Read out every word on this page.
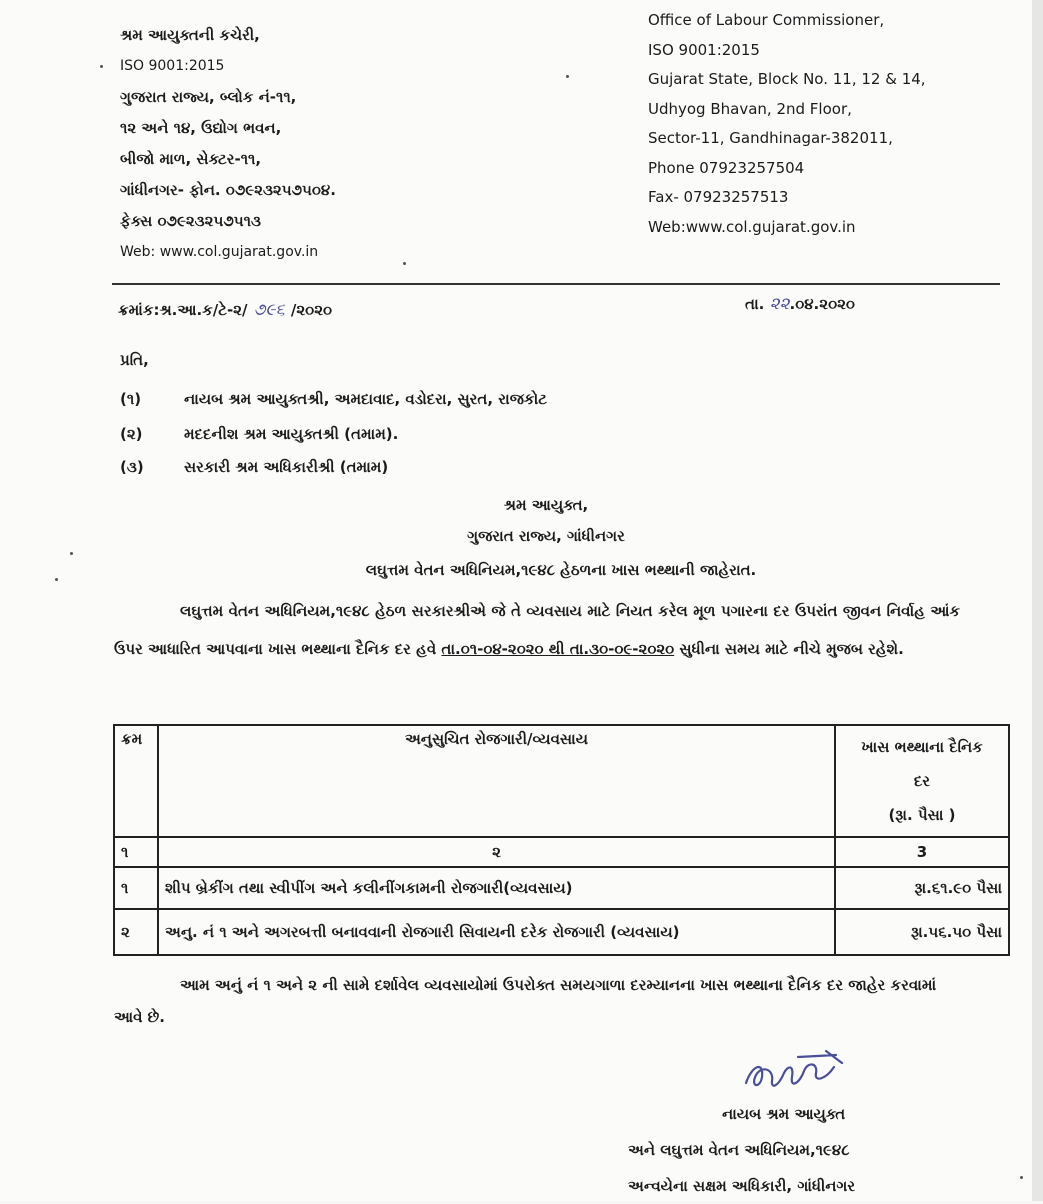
શ્રમ આયુક્તની કચેરી,
ISO 9001:2015
ગુજરાત રાજ્ય, બ્લોક નં-૧૧,
૧૨ અને ૧૪, ઉદ્યોગ ભવન,
બીજો માળ, સેક્ટર-૧૧,
ગાંધીનગર- ફોન. ૦૭૯૨૩૨૫૭૫૦૪.
ફેક્સ ૦૭૯૨૩૨૫૭૫૧૩
Web: www.col.gujarat.gov.in
Office of Labour Commissioner,
ISO 9001:2015
Gujarat State, Block No. 11, 12 & 14,
Udhyog Bhavan, 2nd Floor,
Sector-11, Gandhinagar-382011,
Phone 07923257504
Fax- 07923257513
Web:www.col.gujarat.gov.in
ક્રમાંક:શ્ર.આ.ક/ટે-૨/ ૭૯૬ /૨૦૨૦	તા. ૨૨.૦૪.૨૦૨૦
પ્રતિ,
(૧)	નાયબ શ્રમ આયુક્તશ્રી, અમદાવાદ, વડોદરા, સુરત, રાજકોટ
(૨)	મદદનીશ શ્રમ આયુક્તશ્રી (તમામ).
(૩)	સરકારી શ્રમ અધિકારીશ્રી (તમામ)
શ્રમ આયુક્ત,
ગુજરાત રાજ્ય, ગાંધીનગર
લઘુત્તમ વેતન અધિનિયમ,૧૯૪૮ હેઠળના ખાસ ભથ્થાની જાહેરાત.
લઘુત્તમ વેતન અધિનિયમ,૧૯૪૮ હેઠળ સરકારશ્રીએ જે તે વ્યવસાય માટે નિયત કરેલ મૂળ પગારના દર ઉપરાંત જીવન નિર્વાહ આંક ઉપર આધારિત આપવાના ખાસ ભથ્થાના દૈનિક દર હવે તા.૦૧-૦૪-૨૦૨૦ થી તા.૩૦-૦૯-૨૦૨૦ સુધીના સમય માટે નીચે મુજબ રહેશે.
ક્રમ	અનુસુચિત રોજગારી/વ્યવસાય	ખાસ ભથ્થાના દૈનિક
દર
(રૂા. પૈસા )

૧	૨	3
૧	શીપ બ્રેકીંગ તથા સ્વીપીંગ અને કલીનીંગકામની રોજગારી(વ્યવસાય)	રૂા.૬૧.૯૦ પૈસા
૨	અનુ. નં ૧ અને અગરબત્તી બનાવવાની રોજગારી સિવાયની દરેક રોજગારી (વ્યવસાય)	રૂા.૫૬.૫૦ પૈસા
આમ અનું નં ૧ અને ૨ ની સામે દર્શાવેલ વ્યવસાયોમાં ઉપરોક્ત સમયગાળા દરમ્યાનના ખાસ ભથ્થાના દૈનિક દર જાહેર કરવામાં આવે છે.
નાયબ શ્રમ આયુક્ત
અને લઘુત્તમ વેતન અધિનિયમ,૧૯૪૮
અન્વયેના સક્ષમ અધિકારી, ગાંધીનગર
